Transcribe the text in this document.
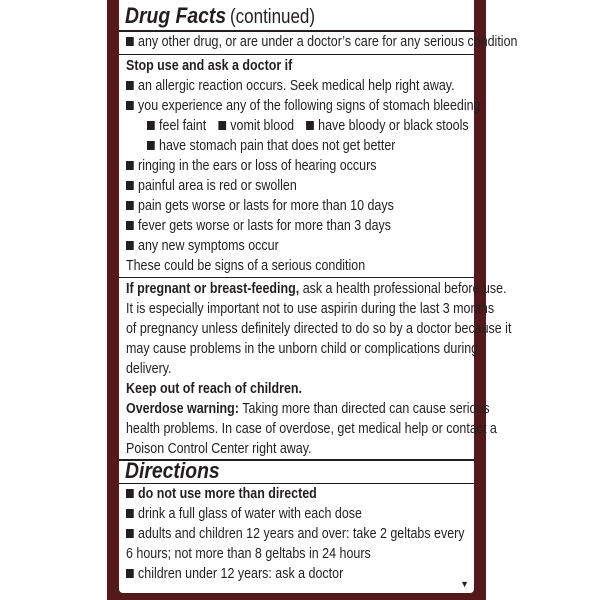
Drug Facts (continued)
any other drug, or are under a doctor’s care for any serious condition
Stop use and ask a doctor if
an allergic reaction occurs. Seek medical help right away.
you experience any of the following signs of stomach bleeding:
feel faint vomit blood have bloody or black stools
have stomach pain that does not get better
ringing in the ears or loss of hearing occurs
painful area is red or swollen
pain gets worse or lasts for more than 10 days
fever gets worse or lasts for more than 3 days
any new symptoms occur
These could be signs of a serious condition
If pregnant or breast-feeding, ask a health professional before use.
It is especially important not to use aspirin during the last 3 months
of pregnancy unless definitely directed to do so by a doctor because it
may cause problems in the unborn child or complications during
delivery.
Keep out of reach of children.
Overdose warning: Taking more than directed can cause serious
health problems. In case of overdose, get medical help or contact a
Poison Control Center right away.
Directions
do not use more than directed
drink a full glass of water with each dose
adults and children 12 years and over: take 2 geltabs every
6 hours; not more than 8 geltabs in 24 hours
children under 12 years: ask a doctor
▼
